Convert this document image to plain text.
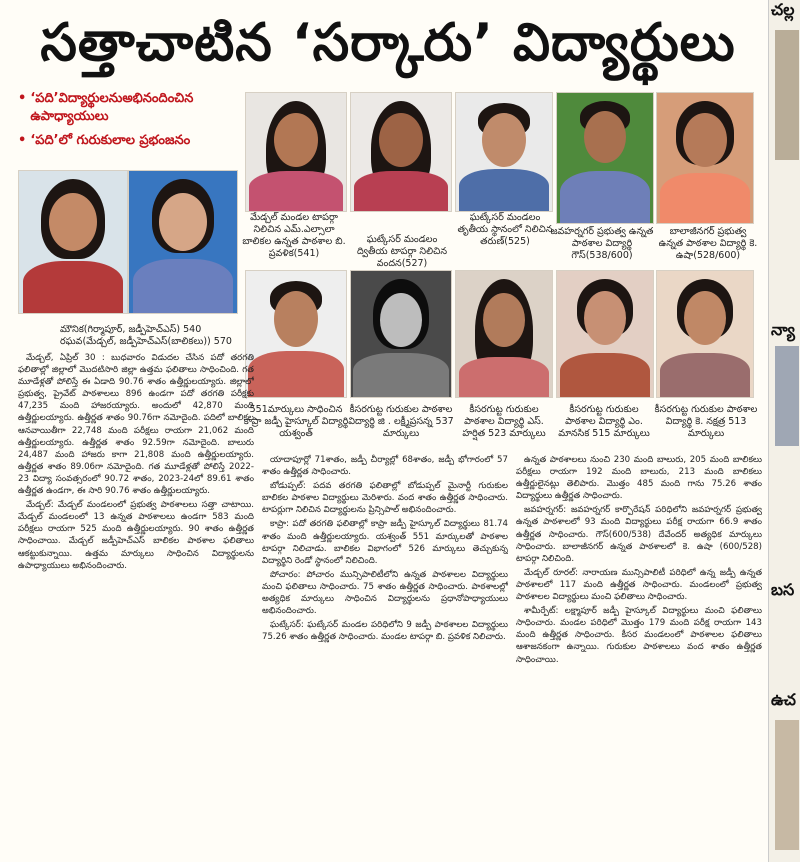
సత్తాచాటిన ‘సర్కారు’ విద్యార్థులు
• ‘పది’విద్యార్థులనుఅభినందించిన ఉపాధ్యాయులు
• ‘పది’లో గురుకులాల ప్రభంజనం
మౌనిక(గిర్మాపూర్, జడ్పీహెచ్ఎస్) 540
రఘవ(మేడ్చల్, జడ్పీహెచ్ఎస్(బాలికలు)) 570
మేడ్చల్ మండల టాపర్గా నిలిచిన ఎమ్.ఎల్సాలా బాలికల ఉన్నత పాఠశాల బి. ప్రవళిక(541)
ఘట్కేసర్ మండలం ద్వితీయ టాపర్గా నిలిచిన వందన(527)
ఘట్కేసర్ మండలం తృతీయ స్థానంలో నిలిచిన తరుణ్(525)
జవహర్నగర్ ప్రభుత్వ ఉన్నత పాఠశాల విద్యార్థి గౌస్(538/600)
బాలాజీనగర్ ప్రభుత్వ ఉన్నత పాఠశాల విద్యార్థి కె. ఉషా(528/600)
551మార్కులు సాధించిన కాప్రా జడ్పీ హైస్కూల్ విద్యార్థి యశ్వంత్
కీసరగుట్ట గురుకుల పాఠశాల విద్యార్థి జి . లక్ష్మీప్రసన్న 537 మార్కులు
కీసరగుట్ట గురుకుల పాఠశాల విద్యార్థి ఎస్. హర్షిత 523 మార్కులు
కీసరగుట్ట గురుకుల పాఠశాల విద్యార్థి ఎం. మానసిక 515 మార్కులు
కీసరగుట్ట గురుకుల పాఠశాల విద్యార్థి కె. నక్షత్ర 513 మార్కులు

మేడ్చల్, ఏప్రిల్ 30 : బుధవారం విడుదల చేసిన పదో తరగతి ఫలితాల్లో జిల్లాలో మొదటిసారి జిల్లా ఉత్తమ ఫలితాలు సాధించింది. గత మూడేళ్లతో పోలిస్తే ఈ ఏడాది 90.76 శాతం ఉత్తీర్ణులయ్యారు. జిల్లాలో ప్రభుత్వ, ప్రైవేట్ పాఠశాలలు 896 ఉండగా పదో తరగతి పరీక్షకు 47,235 మంది హాజరయ్యారు. అందులో 42,870 మంది ఉత్తీర్ణులయ్యారు. ఉత్తీర్ణత శాతం 90.76గా నమోదైంది. పదిలో బాలికల ఆనవాయితీగా 22,748 మంది పరీక్షలు రాయగా 21,062 మంది ఉత్తీర్ణులయ్యారు. ఉత్తీర్ణత శాతం 92.59గా నమోదైంది. బాలురు 24,487 మంది హాజరు కాగా 21,808 మంది ఉత్తీర్ణులయ్యారు. ఉత్తీర్ణత శాతం 89.06గా నమోదైంది. గత మూడేళ్లతో పోలిస్తే 2022-23 విద్యా సంవత్సరంలో 90.72 శాతం, 2023-24లో 89.61 శాతం ఉత్తీర్ణత ఉండగా, ఈ సారి 90.76 శాతం ఉత్తీర్ణులయ్యారు.

మేడ్చల్: మేడ్చల్ మండలంలో ప్రభుత్వ పాఠశాలలు సత్తా చాటాయి. మేడ్చల్ మండలంలో 13 ఉన్నత పాఠశాలలు ఉండగా 583 మంది పరీక్షలు రాయగా 525 మంది ఉత్తీర్ణులయ్యారు. 90 శాతం ఉత్తీర్ణత సాధించాయి. మేడ్చల్ జడ్పీహెచ్ఎస్ బాలికల పాఠశాల ఫలితాలు ఆకట్టుకున్నాయి. ఉత్తమ మార్కులు సాధించిన విద్యార్థులను ఉపాధ్యాయులు అభినందించారు.

యాదాపూర్లో 71శాతం, జడ్పీ చీర్యాల్లో 68శాతం, జడ్పీ భోగారంలో 57 శాతం ఉత్తీర్ణత సాధించారు.

బోడుప్పల్: పదవ తరగతి ఫలితాల్లో బోడుప్పల్ మైనార్టీ గురుకుల బాలికల పాఠశాల విద్యార్థులు మెరిశారు. వంద శాతం ఉత్తీర్ణత సాధించారు. టాపర్లుగా నిలిచిన విద్యార్థులను ప్రిన్సిపాల్ అభినందించారు.

కాప్రా: పదో తరగతి ఫలితాల్లో కాప్రా జడ్పీ హైస్కూల్ విద్యార్థులు 81.74 శాతం మంది ఉత్తీర్ణులయ్యారు. యశ్వంత్ 551 మార్కులతో పాఠశాల టాపర్గా నిలిచాడు. బాలికల విభాగంలో 526 మార్కులు తెచ్చుకున్న విద్యార్థిని రెండో స్థానంలో నిలిచింది.

పోచారం: పోచారం మున్సిపాలిటీలోని ఉన్నత పాఠశాలల విద్యార్థులు మంచి ఫలితాలు సాధించారు. 75 శాతం ఉత్తీర్ణత సాధించారు. పాఠశాలల్లో అత్యధిక మార్కులు సాధించిన విద్యార్థులను ప్రధానోపాధ్యాయులు అభినందించారు.

ఘట్కేసర్: ఘట్కేసర్ మండల పరిధిలోని 9 జడ్పీ పాఠశాలల విద్యార్థులు 75.26 శాతం ఉత్తీర్ణత సాధించారు. మండల టాపర్గా బి. ప్రవళిక నిలిచారు.

ఉన్నత పాఠశాలలు నుంచి 230 మంది బాలురు, 205 మంది బాలికలు పరీక్షలు రాయగా 192 మంది బాలురు, 213 మంది బాలికలు ఉత్తీర్ణులైనట్లు తెలిపారు. మొత్తం 485 మంది గాను 75.26 శాతం విద్యార్థులు ఉత్తీర్ణత సాధించారు.

జవహర్నగర్: జవహర్నగర్ కార్పొరేషన్ పరిధిలోని జవహర్నగర్ ప్రభుత్వ ఉన్నత పాఠశాలలో 93 మంది విద్యార్థులు పరీక్ష రాయగా 66.9 శాతం ఉత్తీర్ణత సాధించారు. గౌస్(600/538) దేవేందర్ అత్యధిక మార్కులు సాధించారు. బాలాజీనగర్ ఉన్నత పాఠశాలలో కె. ఉషా (600/528) టాపర్గా నిలిచింది.

మేడ్చల్ రూరల్: నారాయణ మున్సిపాలిటీ పరిధిలో ఉన్న జడ్పీ ఉన్నత పాఠశాలలో 117 మంది ఉత్తీర్ణత సాధించారు. మండలంలో ప్రభుత్వ పాఠశాలల విద్యార్థులు మంచి ఫలితాలు సాధించారు.

శామీర్పేట్: లక్ష్మాపూర్ జడ్పీ హైస్కూల్ విద్యార్థులు మంచి ఫలితాలు సాధించారు. మండల పరిధిలో మొత్తం 179 మంది పరీక్ష రాయగా 143 మంది ఉత్తీర్ణత సాధించారు. కీసర మండలంలో పాఠశాలల ఫలితాలు ఆశాజనకంగా ఉన్నాయి. గురుకుల పాఠశాలలు వంద శాతం ఉత్తీర్ణత సాధించాయి.

చల్ల
న్యా
బస
ఉచ
